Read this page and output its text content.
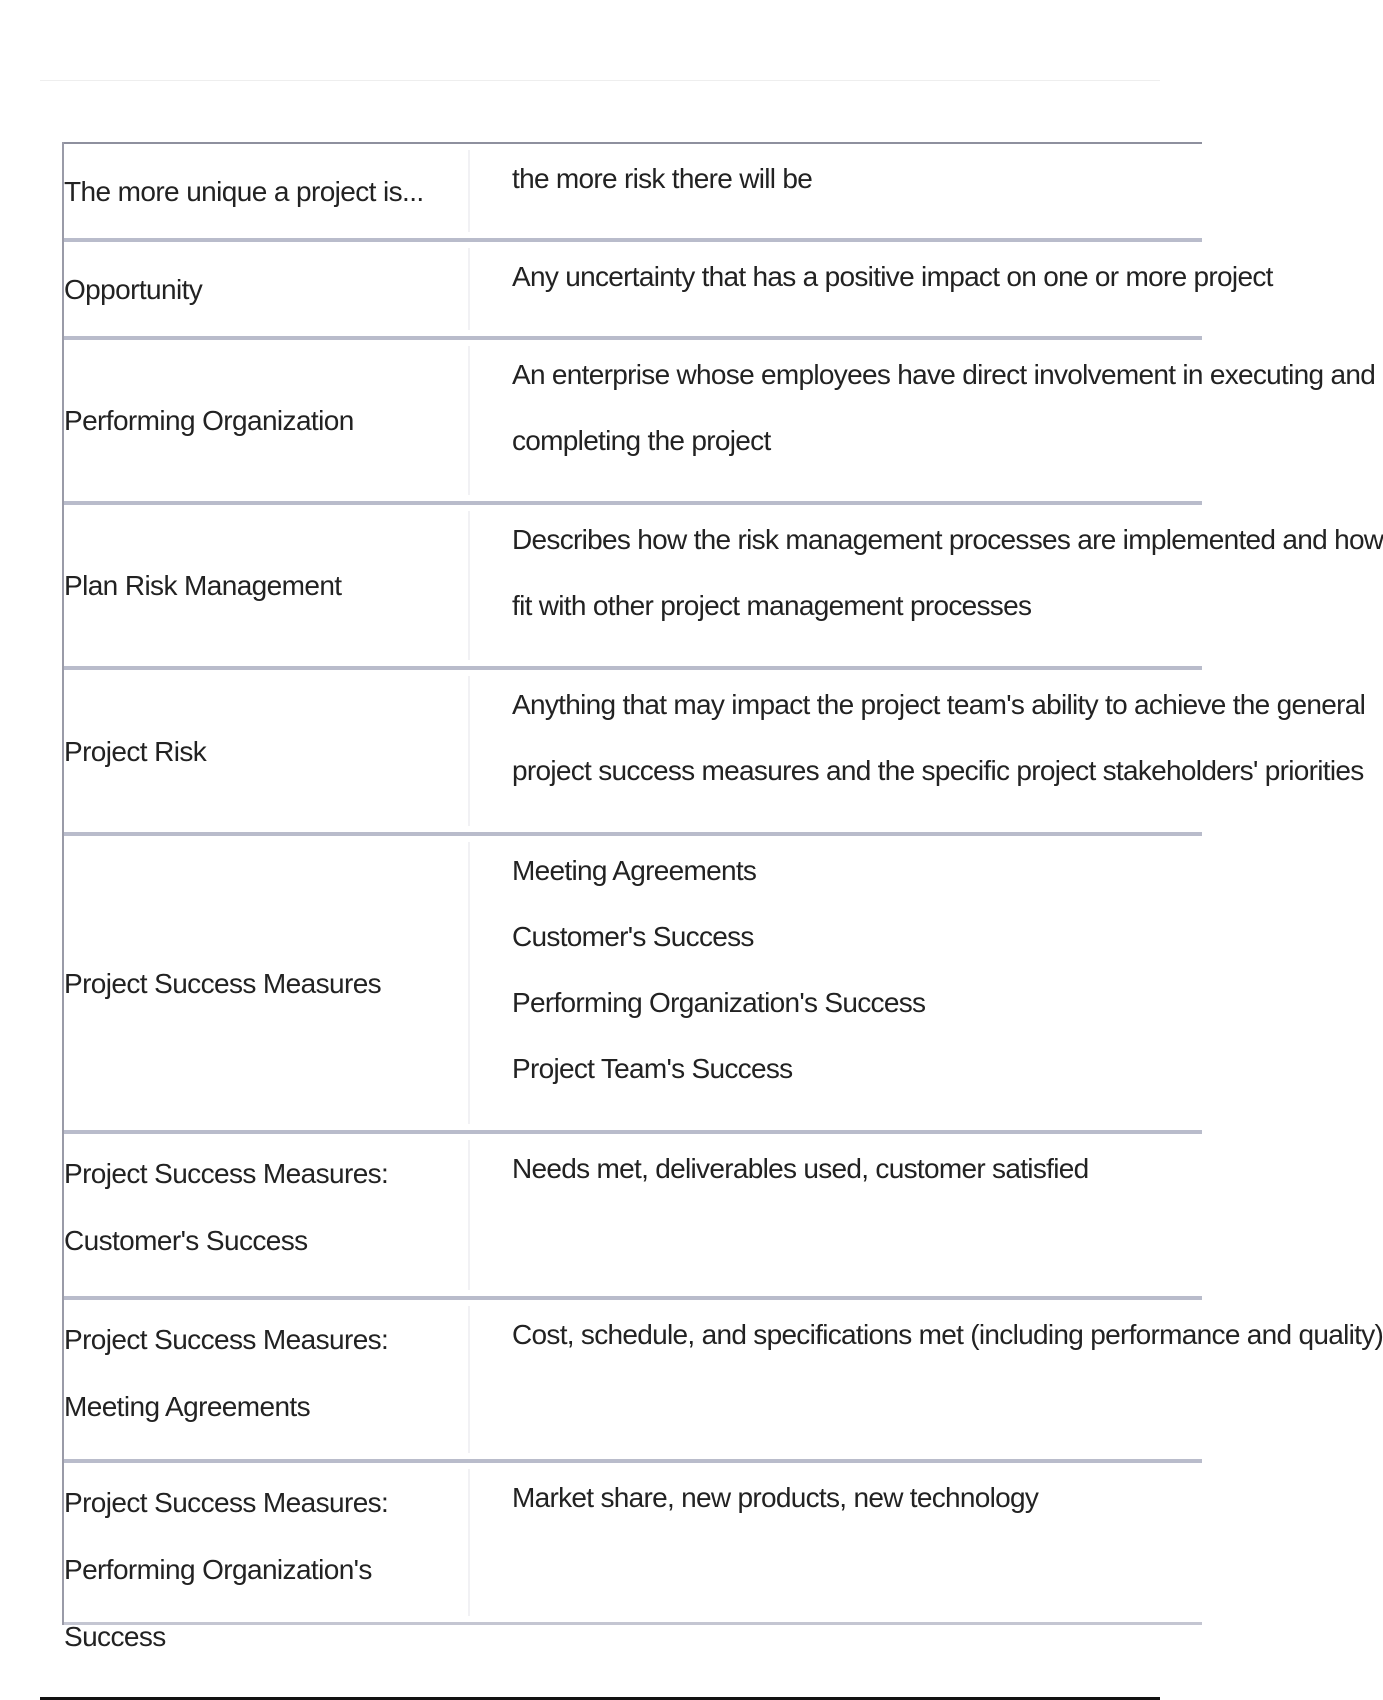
The more unique a project is...	the more risk there will be
Opportunity	Any uncertainty that has a positive impact on one or more project
Performing Organization
An enterprise whose employees have direct involvement in executing and
completing the project
Plan Risk Management
Describes how the risk management processes are implemented and how
fit with other project management processes
Project Risk
Anything that may impact the project team's ability to achieve the general
project success measures and the specific project stakeholders' priorities
Project Success Measures
Meeting Agreements
Customer's Success
Performing Organization's Success
Project Team's Success
Project Success Measures: Customer's Success
Needs met, deliverables used, customer satisfied
Project Success Measures: Meeting Agreements
Cost, schedule, and specifications met (including performance and quality)
Project Success Measures: Performing Organization's Success
Market share, new products, new technology
